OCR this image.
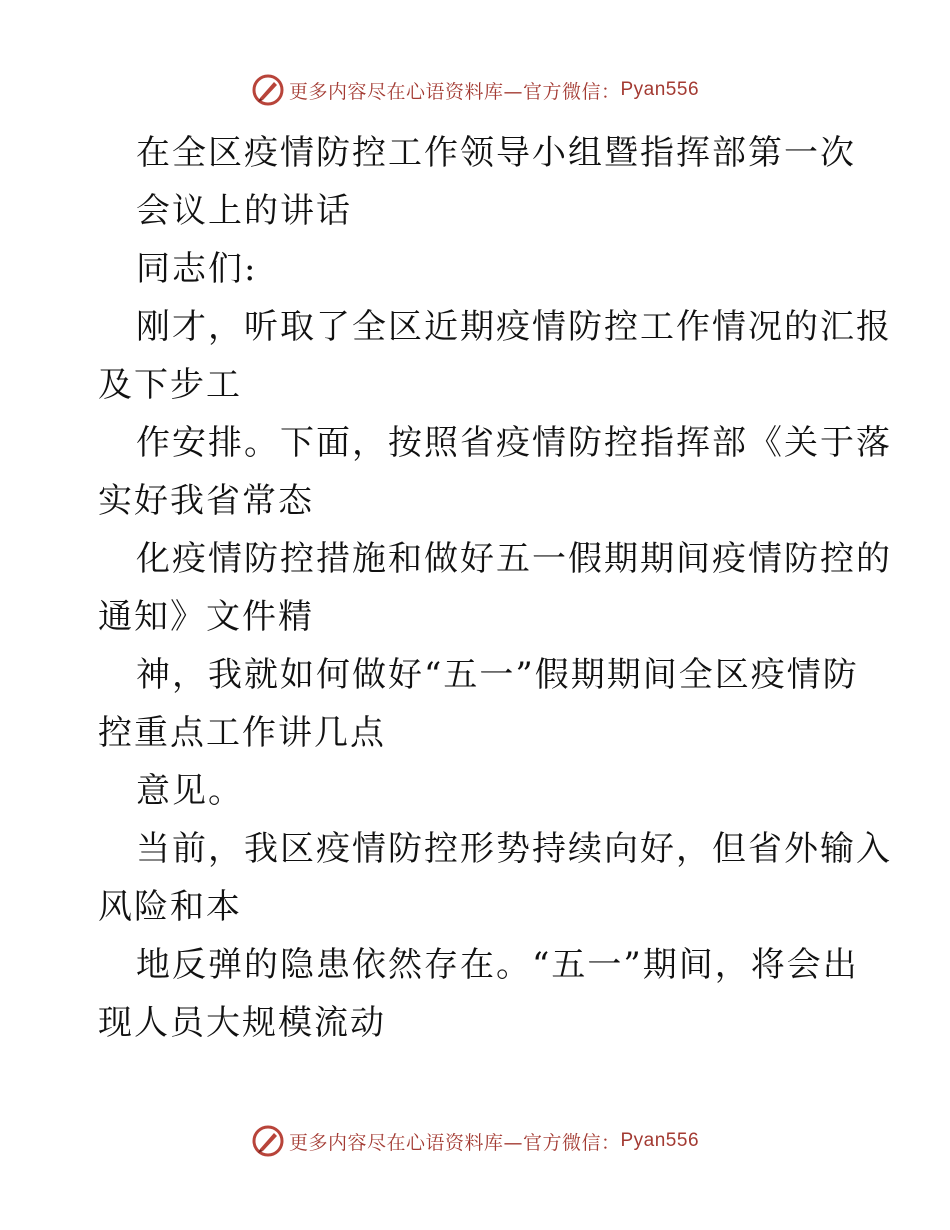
更多内容尽在心语资料库—官方微信： Pyan556
在全区疫情防控工作领导小组暨指挥部第一次
会议上的讲话
同志们:
刚才，听取了全区近期疫情防控工作情况的汇报
及下步工
作安排。下面，按照省疫情防控指挥部《关于落
实好我省常态
化疫情防控措施和做好五一假期期间疫情防控的
通知》文件精
神，我就如何做好“五一”假期期间全区疫情防
控重点工作讲几点
意见。
当前，我区疫情防控形势持续向好，但省外输入
风险和本
地反弹的隐患依然存在。“五一”期间，将会出
现人员大规模流动
更多内容尽在心语资料库—官方微信： Pyan556
